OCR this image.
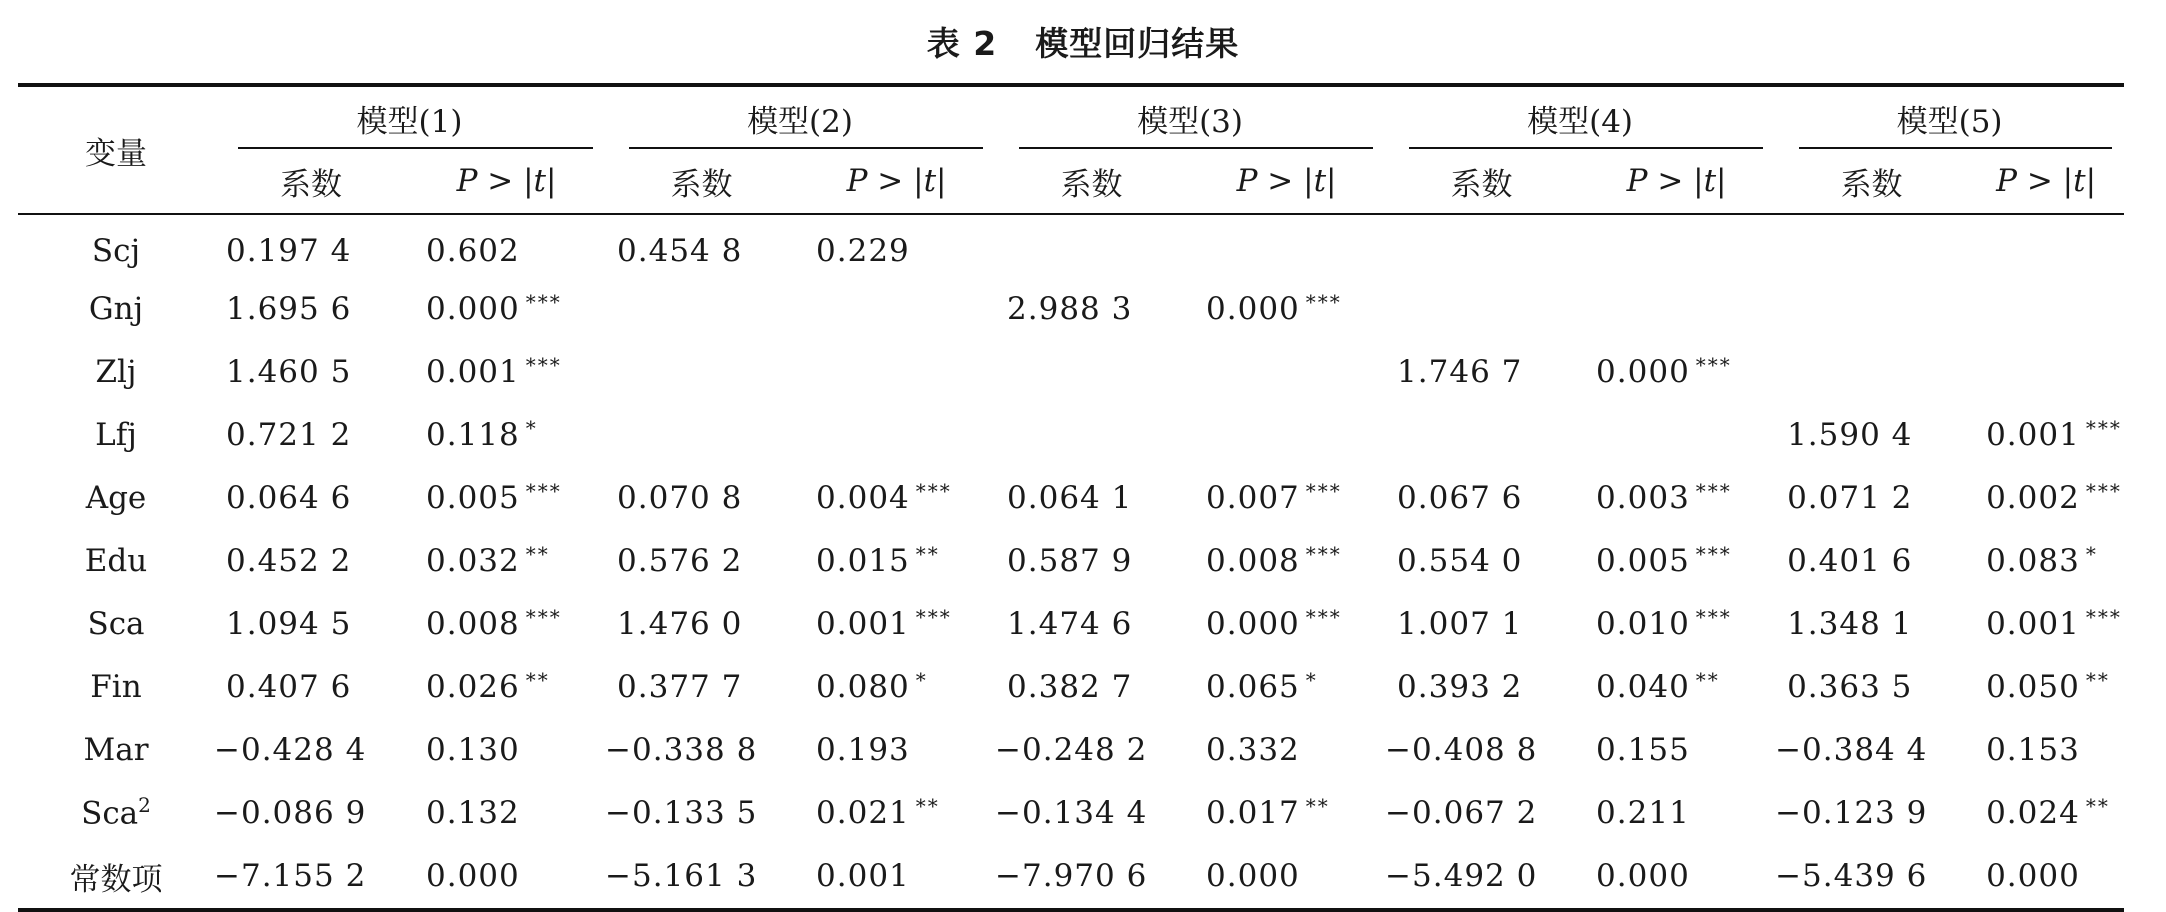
表 2 模型回归结果
变量	模型(1)		模型(2)		模型(3)		模型(4)		模型(5)	

	系数	P > |t|	系数	P > |t|	系数	P > |t|	系数	P > |t|	系数	P > |t|
Scj	0.197 4	0.602	0.454 8	0.229						
Gnj	1.695 6	0.000 ***			2.988 3	0.000 ***				
Zlj	1.460 5	0.001 ***					1.746 7	0.000 ***		
Lfj	0.721 2	0.118 *							1.590 4	0.001 ***
Age	0.064 6	0.005 ***	0.070 8	0.004 ***	0.064 1	0.007 ***	0.067 6	0.003 ***	0.071 2	0.002 ***
Edu	0.452 2	0.032 **	0.576 2	0.015 **	0.587 9	0.008 ***	0.554 0	0.005 ***	0.401 6	0.083 *
Sca	1.094 5	0.008 ***	1.476 0	0.001 ***	1.474 6	0.000 ***	1.007 1	0.010 ***	1.348 1	0.001 ***
Fin	0.407 6	0.026 **	0.377 7	0.080 *	0.382 7	0.065 *	0.393 2	0.040 **	0.363 5	0.050 **
Mar	−0.428 4	0.130	−0.338 8	0.193	−0.248 2	0.332	−0.408 8	0.155	−0.384 4	0.153
Sca$^2$	−0.086 9	0.132	−0.133 5	0.021 **	−0.134 4	0.017 **	−0.067 2	0.211	−0.123 9	0.024 **
常数项	−7.155 2	0.000	−5.161 3	0.001	−7.970 6	0.000	−5.492 0	0.000	−5.439 6	0.000
